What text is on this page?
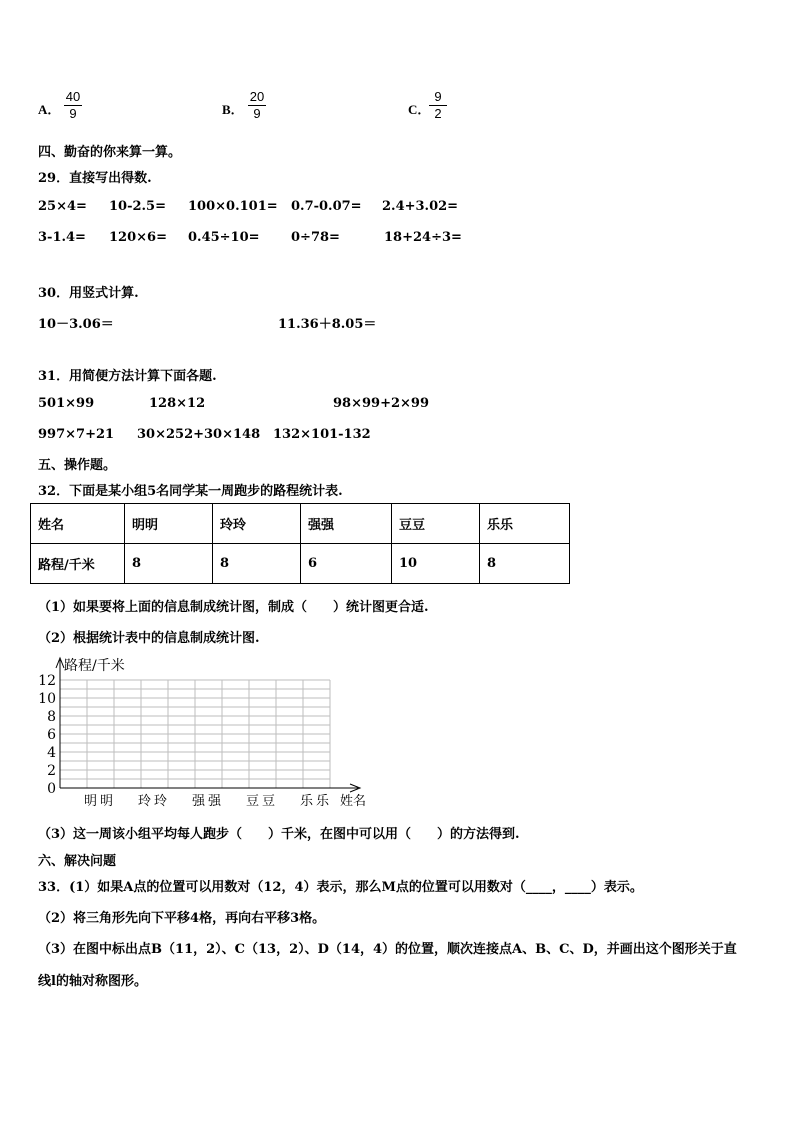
A．
40
9	B．
20
9	C．
9
2
四、勤奋的你来算一算。
29．直接写出得数.
25×4= 10-2.5= 100×0.101= 0.7-0.07= 2.4+3.02=
3-1.4= 120×6= 0.45÷10= 0÷78=	18+24÷3=
30．用竖式计算.
10－3.06＝	11.36＋8.05＝
31．用简便方法计算下面各题.
501×99	128×12	98×99+2×99
997×7+21 30×252+30×148 132×101-132
五、操作题。
32．下面是某小组5名同学某一周跑步的路程统计表.
姓名	明明	玲玲	强强	豆豆	乐乐
路程/千米	8	8	6	10	8
（1）如果要将上面的信息制成统计图，制成（　　）统计图更合适.
（2）根据统计表中的信息制成统计图.
0
2
4
6
8
10
12
明明 玲玲 强强 豆豆 乐乐
路程/千米
姓名
（3）这一周该小组平均每人跑步（　　）千米，在图中可以用（　　）的方法得到.
六、解决问题
33．(1）如果A点的位置可以用数对（12，4）表示，那么M点的位置可以用数对（____，____）表示。
（2）将三角形先向下平移4格，再向右平移3格。
（3）在图中标出点B（11，2）、C（13，2）、D（14，4）的位置，顺次连接点A、B、C、D，并画出这个图形关于直
线l的轴对称图形。
